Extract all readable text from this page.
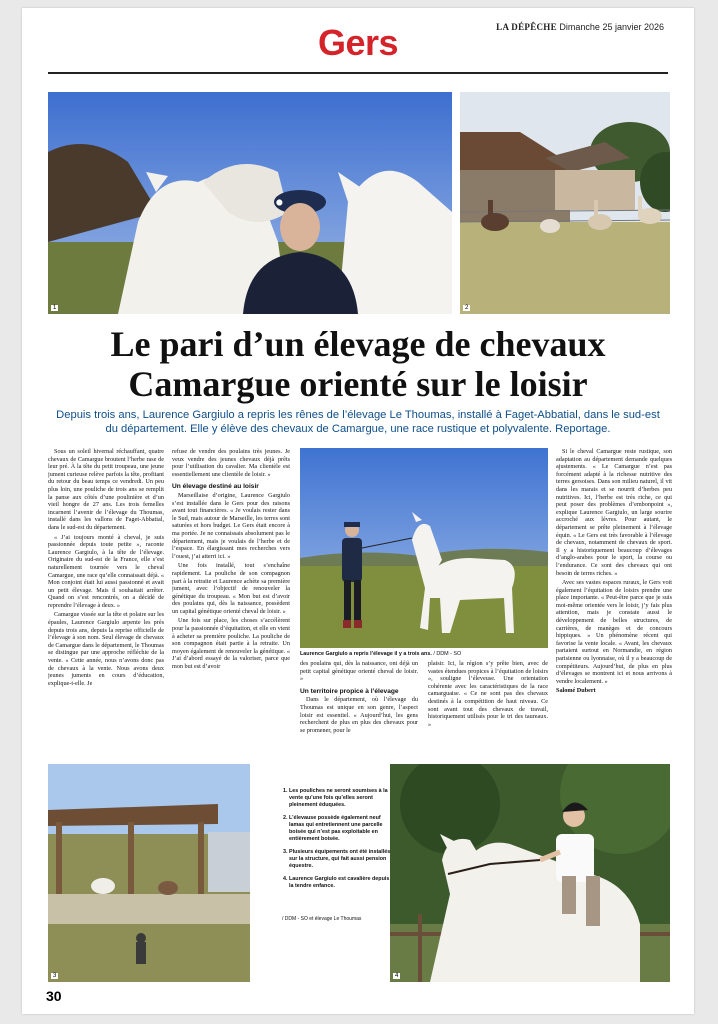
Gers	LA DÉPÊCHE Dimanche 25 janvier 2026
⬤
1	2
Le pari d’un élevage de chevaux
Camargue orienté sur le loisir
Depuis trois ans, Laurence Gargiulo a repris les rênes de l’élevage Le Thoumas, installé à Faget-Abbatial, dans le sud-est du département. Elle y élève des chevaux de Camargue, une race rustique et polyvalente. Reportage.

Sous un soleil hivernal réchauffant, quatre chevaux de Camargue broutent l’herbe rase de leur pré. À la tête du petit troupeau, une jeune jument curieuse relève parfois la tête, profitant du retour du beau temps ce vendredi. Un peu plus loin, une pouliche de trois ans se remplit la panse aux côtés d’une poulinière et d’un vieil hongre de 27 ans. Les trois femelles incarnent l’avenir de l’élevage du Thoumas, installé dans les vallons de Faget-Abbatial, dans le sud-est du département.

« J’ai toujours monté à cheval, je suis passionnée depuis toute petite », raconte Laurence Gargiulo, à la tête de l’élevage. Originaire du sud-est de la France, elle s’est naturellement tournée vers le cheval Camargue, une race qu’elle connaissait déjà. « Mon conjoint était lui aussi passionné et avait un petit élevage. Mais il souhaitait arrêter. Quand on s’est rencontrés, on a décidé de reprendre l’élevage à deux. »

Camargue vissée sur la tête et polaire sur les épaules, Laurence Gargiulo arpente les prés depuis trois ans, depuis la reprise officielle de l’élevage à son nom. Seul élevage de chevaux de Camargue dans le département, le Thoumas se distingue par une approche réfléchie de la vente. « Cette année, nous n’avons donc pas de chevaux à la vente. Nous avons deux jeunes juments en cours d’éducation, explique-t-elle. Je

refuse de vendre des poulains très jeunes. Je veux vendre des jeunes chevaux déjà prêts pour l’utilisation du cavalier. Ma clientèle est essentiellement une clientèle de loisir. »

Un élevage destiné au loisir

Marseillaise d’origine, Laurence Gargiulo s’est installée dans le Gers pour des raisons avant tout financières. « Je voulais rester dans le Sud, mais autour de Marseille, les terres sont saturées et hors budget. Le Gers était encore à ma portée. Je ne connaissais absolument pas le département, mais je voulais de l’herbe et de l’espace. En élargissant mes recherches vers l’ouest, j’ai atterri ici. »

Une fois installé, tout s’enchaîne rapidement. La pouliche de son compagnon part à la retraite et Laurence achète sa première jument, avec l’objectif de renouveler la génétique du troupeau. « Mon but est d’avoir des poulains qui, dès la naissance, possèdent un capital génétique orienté cheval de loisir. »

Une fois sur place, les choses s’accélèrent pour la passionnée d’équitation, et elle en vient à acheter sa première pouliche. La pouliche de son compagnon était partie à la retraite. Un moyen également de renouveler la génétique. « J’ai d’abord essayé de la valoriser, parce que mon but est d’avoir

Laurence Gargiulo a repris l’élevage il y a trois ans. / DDM - SO

des poulains qui, dès la naissance, ont déjà un petit capital génétique orienté cheval de loisir. »

Un territoire propice à l’élevage

Dans le département, où l’élevage du Thoumas est unique en son genre, l’aspect loisir est essentiel. « Aujourd’hui, les gens recherchent de plus en plus des chevaux pour se promener, pour le

plaisir. Ici, la région s’y prête bien, avec de vastes étendues propices à l’équitation de loisirs », souligne l’éleveuse. Une orientation cohérente avec les caractéristiques de la race camarguaise. « Ce ne sont pas des chevaux destinés à la compétition de haut niveau. Ce sont avant tout des chevaux de travail, historiquement utilisés pour le tri des taureaux. »

Si le cheval Camargue reste rustique, son adaptation au département demande quelques ajustements. « Le Camargue n’est pas forcément adapté à la richesse nutritive des terres gersoises. Dans son milieu naturel, il vit dans les marais et se nourrit d’herbes peu nutritives. Ici, l’herbe est très riche, ce qui peut poser des problèmes d’embonpoint », explique Laurence Gargiulo, un large sourire accroché aux lèvres. Pour autant, le département se prête pleinement à l’élevage équin. « Le Gers est très favorable à l’élevage de chevaux, notamment de chevaux de sport. Il y a historiquement beaucoup d’élevages d’anglo-arabes pour le sport, la course ou l’endurance. Ce sont des chevaux qui ont besoin de terres riches. »

Avec ses vastes espaces ruraux, le Gers voit également l’équitation de loisirs prendre une place importante. « Peut-être parce que je suis moi-même orientée vers le loisir, j’y fais plus attention, mais je constate aussi le développement de belles structures, de carrières, de manèges et de concours hippiques. » Un phénomène récent qui favorise la vente locale. « Avant, les chevaux partaient surtout en Normandie, en région parisienne ou lyonnaise, où il y a beaucoup de compétiteurs. Aujourd’hui, de plus en plus d’élevages se montrent ici et nous arrivons à vendre localement. »

Salomé Dubert

3
1. Les pouliches ne seront soumises à la vente qu’une fois qu’elles seront pleinement éduquées.
2. L’élevause possède également neuf lamas qui entretiennent une parcelle boisée qui n’est pas exploitable en entièrement boisée.
3. Plusieurs équipements ont été installés sur la structure, qui fait aussi pension équestre.
4. Laurence Gargiulo est cavalière depuis la tendre enfance.
/ DDM - SO et élevage Le Thoumas
4
30
